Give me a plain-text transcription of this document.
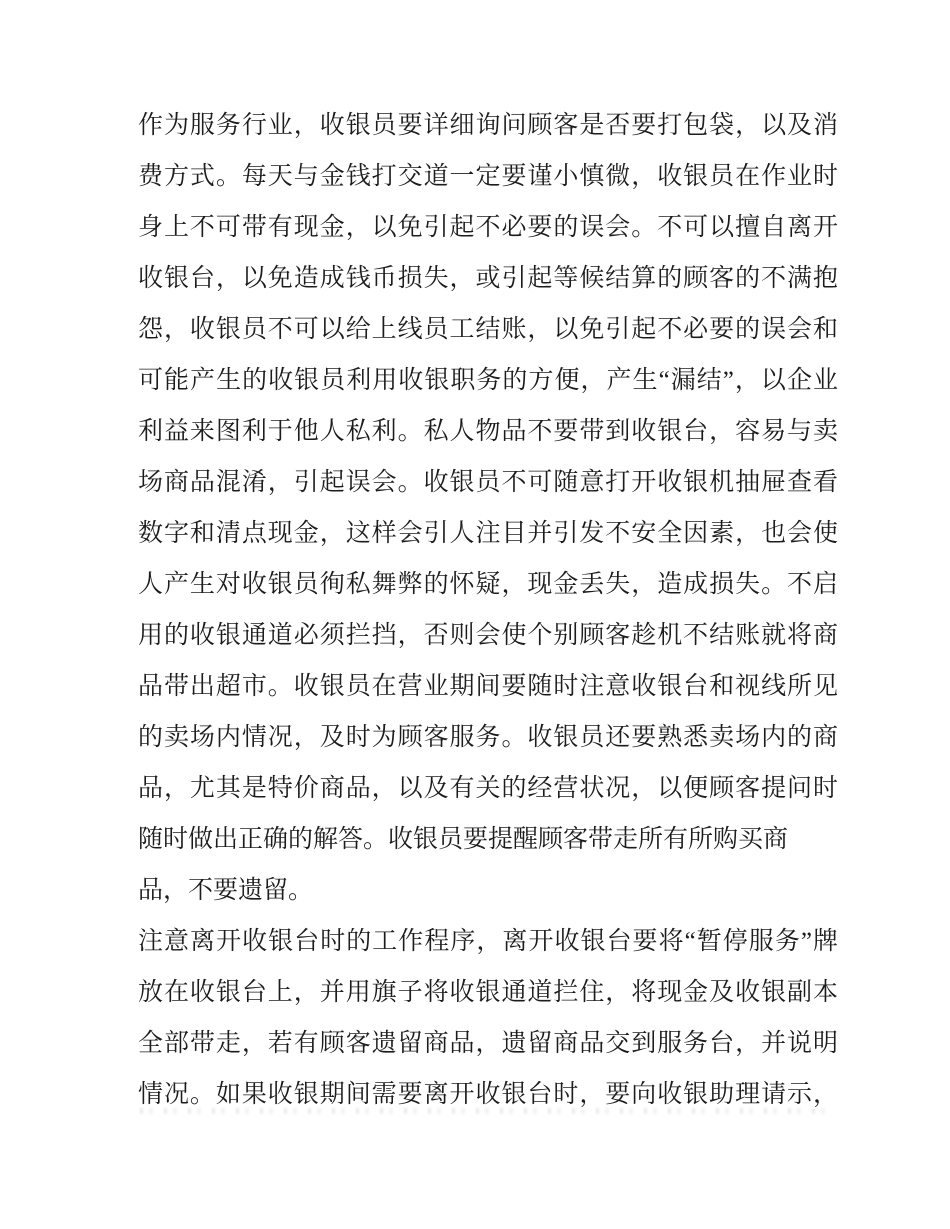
作为服务行业，收银员要详细询问顾客是否要打包袋，以及消
费方式。每天与金钱打交道一定要谨小慎微，收银员在作业时
身上不可带有现金，以免引起不必要的误会。不可以擅自离开
收银台，以免造成钱币损失，或引起等候结算的顾客的不满抱
怨，收银员不可以给上线员工结账，以免引起不必要的误会和
可能产生的收银员利用收银职务的方便，产生“漏结”，以企业
利益来图利于他人私利。私人物品不要带到收银台，容易与卖
场商品混淆，引起误会。收银员不可随意打开收银机抽屉查看
数字和清点现金，这样会引人注目并引发不安全因素，也会使
人产生对收银员徇私舞弊的怀疑，现金丢失，造成损失。不启
用的收银通道必须拦挡，否则会使个别顾客趁机不结账就将商
品带出超市。收银员在营业期间要随时注意收银台和视线所见
的卖场内情况，及时为顾客服务。收银员还要熟悉卖场内的商
品，尤其是特价商品，以及有关的经营状况，以便顾客提问时
随时做出正确的解答。收银员要提醒顾客带走所有所购买商
品，不要遗留。
注意离开收银台时的工作程序，离开收银台要将“暂停服务”牌
放在收银台上，并用旗子将收银通道拦住，将现金及收银副本
全部带走，若有顾客遗留商品，遗留商品交到服务台，并说明
情况。如果收银期间需要离开收银台时，要向收银助理请示，
